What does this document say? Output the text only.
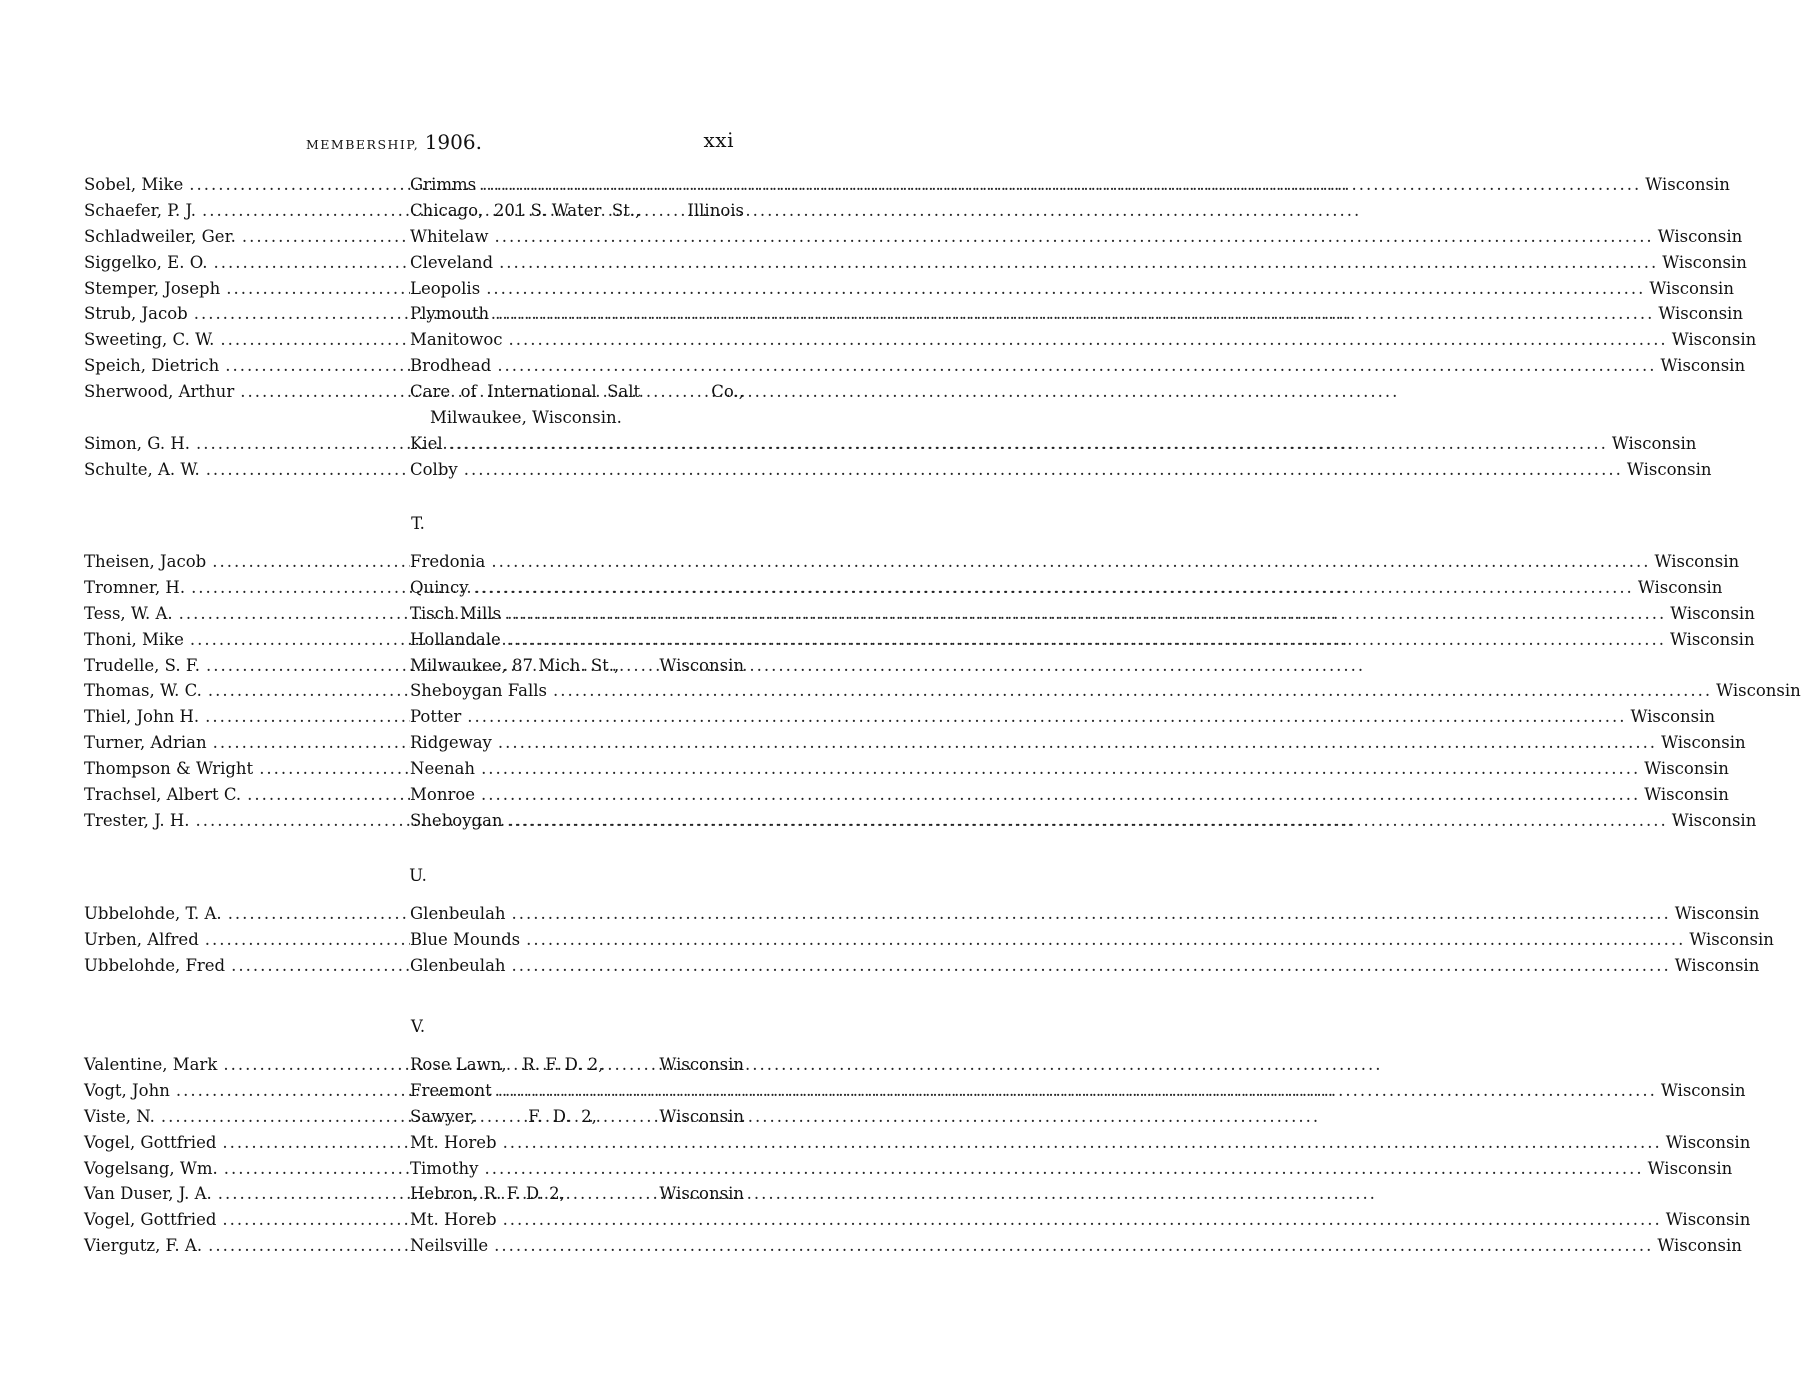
MEMBERSHIP, 1906.	xxi
Sobel, Mike .....	Grimms .....	Wisconsin
Schaefer, P. J. .....	Chicago,  201 S. Water  St.,	Illinois
Schladweiler, Ger. .....	Whitelaw .....	Wisconsin
Siggelko, E. O. .....	Cleveland .....	Wisconsin
Stemper, Joseph .....	Leopolis .....	Wisconsin
Strub, Jacob .....	Plymouth .....	Wisconsin
Sweeting, C. W. .....	Manitowoc .....	Wisconsin
Speich, Dietrich .....	Brodhead .....	Wisconsin
Sherwood, Arthur .....	Care  of  International  Salt	Co.,
Milwaukee, Wisconsin.
Simon, G. H. .....	Kiel .....	Wisconsin
Schulte, A. W. .....	Colby .....	Wisconsin
T.
Theisen, Jacob .....	Fredonia .....	Wisconsin
Tromner, H. .....	Quincy .....	Wisconsin
Tess, W. A. .....	Tisch Mills .....	Wisconsin
Thoni, Mike .....	Hollandale .....	Wisconsin
Trudelle, S. F. .....	Milwaukee, 87 Mich. St.,	Wisconsin
Thomas, W. C. .....	Sheboygan Falls .....	Wisconsin
Thiel, John H. .....	Potter .....	Wisconsin
Turner, Adrian .....	Ridgeway .....	Wisconsin
Thompson & Wright .....	Neenah .....	Wisconsin
Trachsel, Albert C. .....	Monroe .....	Wisconsin
Trester, J. H. .....	Sheboygan .....	Wisconsin
U.
Ubbelohde, T. A. .....	Glenbeulah .....	Wisconsin
Urben, Alfred .....	Blue Mounds .....	Wisconsin
Ubbelohde, Fred .....	Glenbeulah .....	Wisconsin
V.
Valentine, Mark .....	Rose Lawn,   R. F. D. 2,	Wisconsin
Vogt, John .....	Freemont .....	Wisconsin
Viste, N. .....	Sawyer,          F.  D.  2,	Wisconsin
Vogel, Gottfried .....	Mt. Horeb .....	Wisconsin
Vogelsang, Wm. .....	Timothy .....	Wisconsin
Van Duser, J. A. .....	Hebron, R. F. D. 2,	Wisconsin
Vogel, Gottfried .....	Mt. Horeb .....	Wisconsin
Viergutz, F. A. .....	Neilsville .....	Wisconsin
